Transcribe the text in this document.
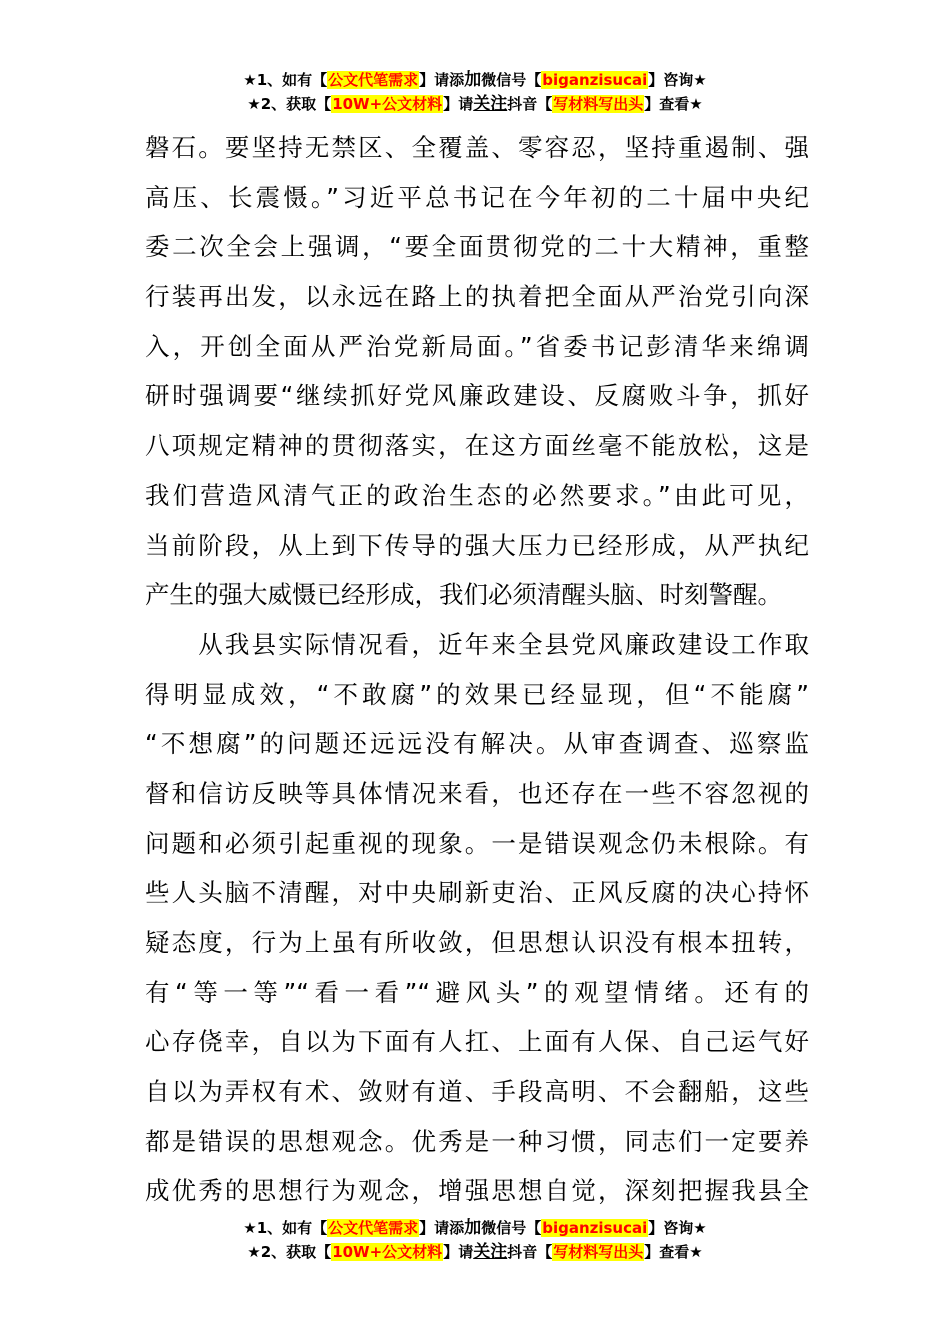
★1、如有【公文代笔需求】请添加微信号【biganzisucai】咨询★
★2、获取【10W+公文材料】请关注抖音【写材料写出头】查看★
磐石。要坚持无禁区、全覆盖、零容忍，坚持重遏制、强
高压、长震慑。”习近平总书记在今年初的二十届中央纪
委二次全会上强调，“要全面贯彻党的二十大精神，重整
行装再出发，以永远在路上的执着把全面从严治党引向深
入，开创全面从严治党新局面。”省委书记彭清华来绵调
研时强调要“继续抓好党风廉政建设、反腐败斗争，抓好
八项规定精神的贯彻落实，在这方面丝毫不能放松，这是
我们营造风清气正的政治生态的必然要求。”由此可见，
当前阶段，从上到下传导的强大压力已经形成，从严执纪
产生的强大威慑已经形成，我们必须清醒头脑、时刻警醒。
　　从我县实际情况看，近年来全县党风廉政建设工作取
得明显成效，“不敢腐”的效果已经显现，但“不能腐”
“不想腐”的问题还远远没有解决。从审查调查、巡察监
督和信访反映等具体情况来看，也还存在一些不容忽视的
问题和必须引起重视的现象。一是错误观念仍未根除。有
些人头脑不清醒，对中央刷新吏治、正风反腐的决心持怀
疑态度，行为上虽有所收敛，但思想认识没有根本扭转，
有“等一等”“看一看”“避风头”的观望情绪。还有的
心存侥幸，自以为下面有人扛、上面有人保、自己运气好
自以为弄权有术、敛财有道、手段高明、不会翻船，这些
都是错误的思想观念。优秀是一种习惯，同志们一定要养
成优秀的思想行为观念，增强思想自觉，深刻把握我县全
★1、如有【公文代笔需求】请添加微信号【biganzisucai】咨询★
★2、获取【10W+公文材料】请关注抖音【写材料写出头】查看★
